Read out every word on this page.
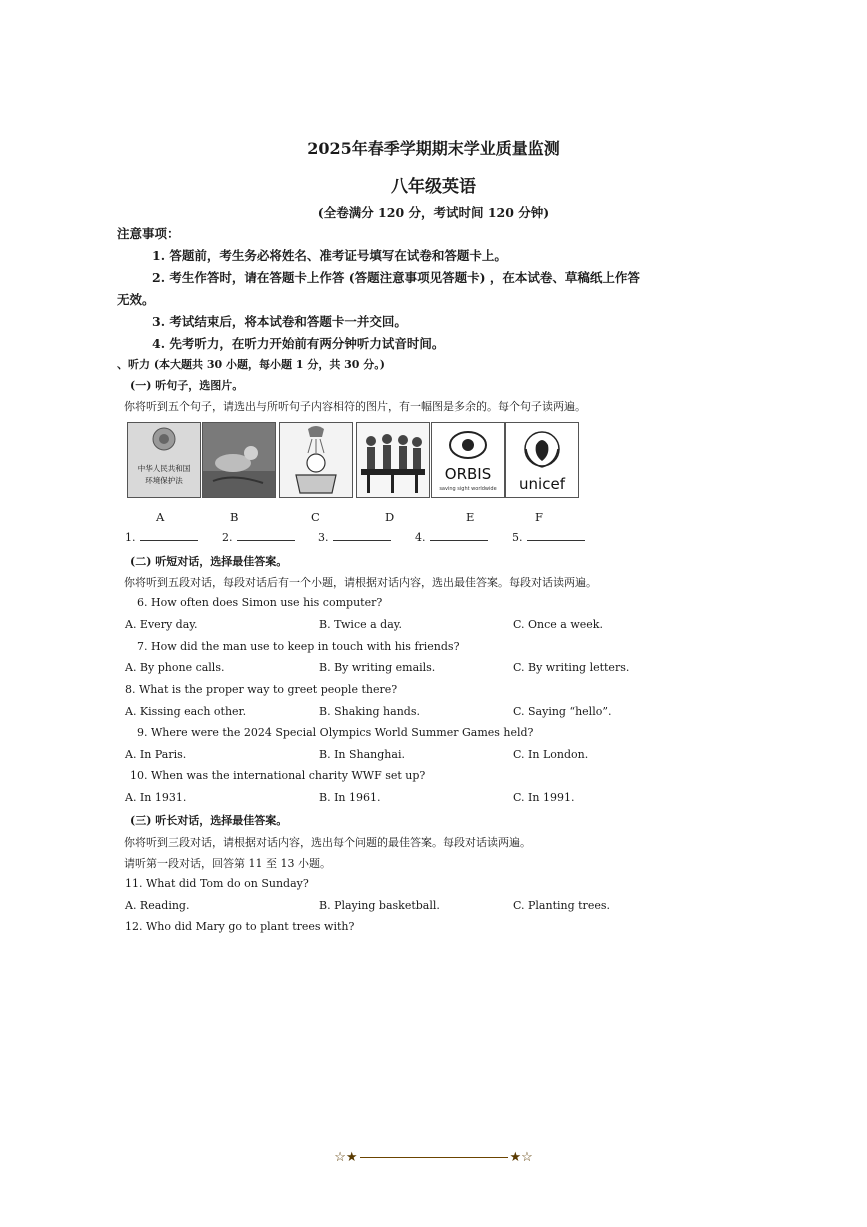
2025年春季学期期末学业质量监测
八年级英语
(全卷满分 120 分，考试时间 120 分钟)
注意事项：
1. 答题前，考生务必将姓名、准考证号填写在试卷和答题卡上。
2. 考生作答时，请在答题卡上作答 (答题注意事项见答题卡) ，在本试卷、草稿纸上作答
无效。
3. 考试结束后，将本试卷和答题卡一并交回。
4. 先考听力，在听力开始前有两分钟听力试音时间。
、听力 (本大题共 30 小题，每小题 1 分，共 30 分。)
(一) 听句子，选图片。
你将听到五个句子，请选出与所听句子内容相符的图片，有一幅图是多余的。每个句子读两遍。
中华人民共和国
环境保护法	ORBIS
saving sight worldwide unicef
A	B	C	D	E	F
1.	2.	3.	4.	5.
(二) 听短对话，选择最佳答案。
你将听到五段对话，每段对话后有一个小题，请根据对话内容，选出最佳答案。每段对话读两遍。
6. How often does Simon use his computer?
A. Every day.	B. Twice a day.	C. Once a week.
7. How did the man use to keep in touch with his friends?
A. By phone calls.	B. By writing emails.	C. By writing letters.
8. What is the proper way to greet people there?
A. Kissing each other.	B. Shaking hands.	C. Saying “hello”.
9. Where were the 2024 Special Olympics World Summer Games held?
A. In Paris.	B. In Shanghai.	C. In London.
10. When was the international charity WWF set up?
A. In 1931.	B. In 1961.	C. In 1991.
(三) 听长对话，选择最佳答案。
你将听到三段对话，请根据对话内容，选出每个问题的最佳答案。每段对话读两遍。
请听第一段对话，回答第 11 至 13 小题。
11. What did Tom do on Sunday?
A. Reading.	B. Playing basketball.	C. Planting trees.
12. Who did Mary go to plant trees with?
☆★	★☆
